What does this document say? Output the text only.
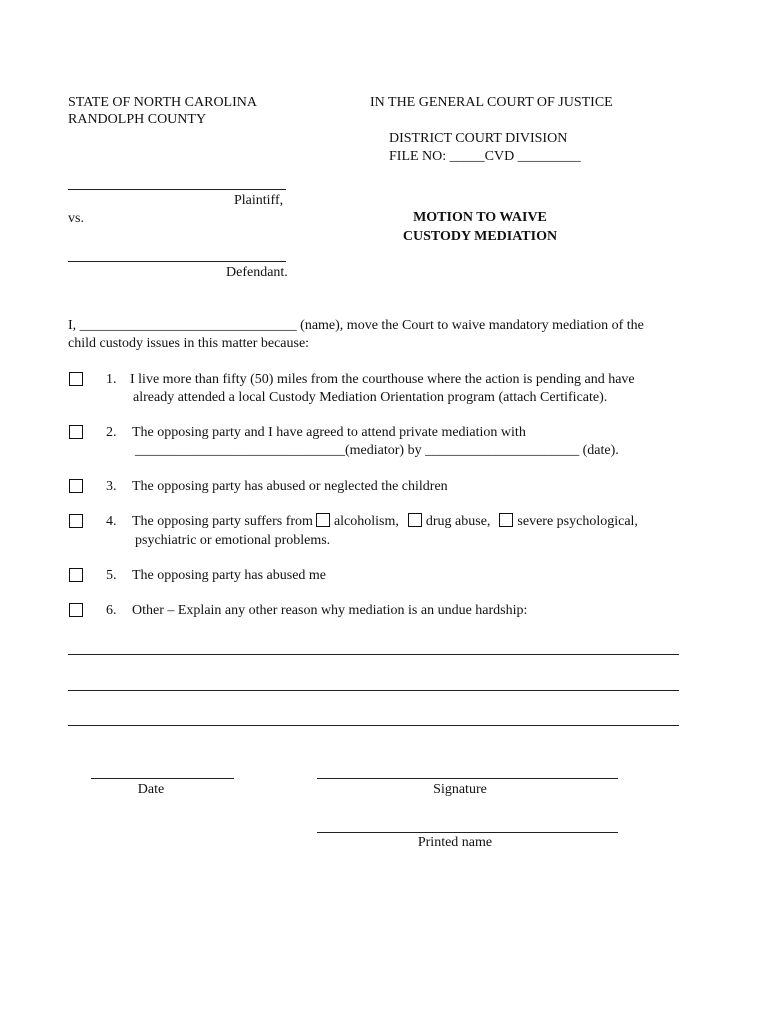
STATE OF NORTH CAROLINA
RANDOLPH COUNTY
IN THE GENERAL COURT OF JUSTICE
DISTRICT COURT DIVISION
FILE NO: _____CVD _________
Plaintiff,
vs.
Defendant.
MOTION TO WAIVE
CUSTODY MEDIATION
I, _______________________________ (name), move the Court to waive mandatory mediation of the
child custody issues in this matter because:
1. I live more than fifty (50) miles from the courthouse where the action is pending and have
already attended a local Custody Mediation Orientation program (attach Certificate).
2. The opposing party and I have agreed to attend private mediation with
______________________________(mediator) by ______________________ (date).
3. The opposing party has abused or neglected the children
4. The opposing party suffers from alcoholism, drug abuse, severe psychological,
psychiatric or emotional problems.
5. The opposing party has abused me
6. Other – Explain any other reason why mediation is an undue hardship:
Date	Signature
Printed name
